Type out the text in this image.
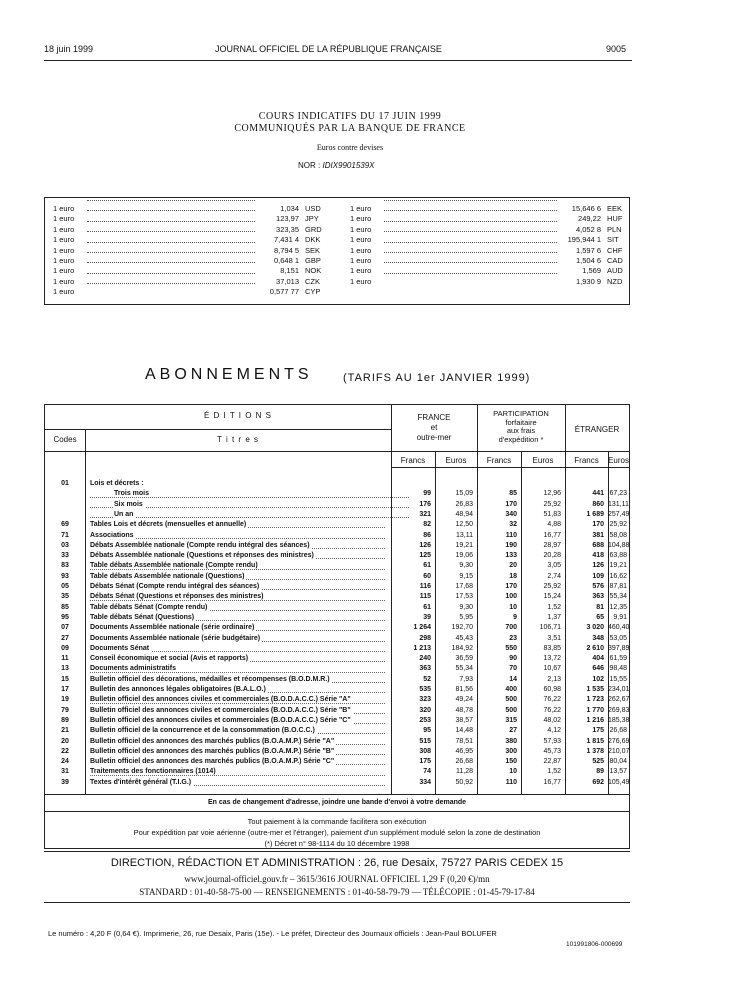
18 juin 1999	JOURNAL OFFICIEL DE LA RÉPUBLIQUE FRANÇAISE	9005
COURS INDICATIFS DU 17 JUIN 1999
COMMUNIQUÉS PAR LA BANQUE DE FRANCE
Euros contre devises
NOR : IDIX9901539X
1 euro	1,034 USD
1 euro	123,97 JPY
1 euro	323,35 GRD
1 euro	7,431 4 DKK
1 euro	8,794 5 SEK
1 euro	0,648 1 GBP
1 euro	8,151 NOK
1 euro	37,013 CZK
1 euro	0,577 77 CYP
1 euro	15,646 6 EEK
1 euro	249,22 HUF
1 euro	4,052 8 PLN
1 euro	195,944 1 SIT
1 euro	1,597 6 CHF
1 euro	1,504 6 CAD
1 euro	1,569 AUD
1 euro	1,930 9 NZD
ABONNEMENTS	(TARIFS AU 1er JANVIER 1999)
É D I T I O N S
Codes	T i t r e s
FRANCE
et
outre-mer
PARTICIPATION
forfaitaire
aux frais
d'expédition *
ÉTRANGER
Francs	Euros	Francs	Euros	Francs	Euros
01	Lois et décrets :
Trois mois	99	15,09	85	12,96	441 67,23
Six mois	176	26,83	170	25,92	860 131,11
Un an	321	48,94	340	51,83	1 689 257,49
69	Tables Lois et décrets (mensuelles et annuelle)	82	12,50	32	4,88	170 25,92
71	Associations	86	13,11	110	16,77	381 58,08
03	Débats Assemblée nationale (Compte rendu intégral des séances)	126	19,21	190	28,97	688 104,88
33	Débats Assemblée nationale (Questions et réponses des ministres)	125	19,06	133	20,28	418 63,88
83	Table débats Assemblée nationale (Compte rendu)	61	9,30	20	3,05	126 19,21
93	Table débats Assemblée nationale (Questions)	60	9,15	18	2,74	109 16,62
05	Débats Sénat (Compte rendu intégral des séances)	116	17,68	170	25,92	576 87,81
35	Débats Sénat (Questions et réponses des ministres)	115	17,53	100	15,24	363 55,34
85	Table débats Sénat (Compte rendu)	61	9,30	10	1,52	81 12,35
95	Table débats Sénat (Questions)	39	5,95	9	1,37	65	9,91
07	Documents Assemblée nationale (série ordinaire)	1 264	192,70	700	106,71	3 020 460,40
27	Documents Assemblée nationale (série budgétaire)	298	45,43	23	3,51	348 53,05
09	Documents Sénat	1 213	184,92	550	83,85	2 610 397,89
11	Conseil économique et social (Avis et rapports)	240	36,59	90	13,72	404 61,59
13	Documents administratifs	363	55,34	70	10,67	646 98,48
15	Bulletin officiel des décorations, médailles et récompenses (B.O.D.M.R.)	52	7,93	14	2,13	102 15,55
17	Bulletin des annonces légales obligatoires (B.A.L.O.)	535	81,56	400	60,98	1 535 234,01
19	Bulletin officiel des annonces civiles et commerciales (B.O.D.A.C.C.) Série "A"	323	49,24	500	76,22	1 723 262,67
79	Bulletin officiel des annonces civiles et commerciales (B.O.D.A.C.C.) Série "B"	320	48,78	500	76,22	1 770 269,83
89	Bulletin officiel des annonces civiles et commerciales (B.O.D.A.C.C.) Série "C"	253	38,57	315	48,02	1 216 185,38
21	Bulletin officiel de la concurrence et de la consommation (B.O.C.C.)	95	14,48	27	4,12	175 26,68
20	Bulletin officiel des annonces des marchés publics (B.O.A.M.P.) Série "A"	515	78,51	380	57,93	1 815 276,69
22	Bulletin officiel des annonces des marchés publics (B.O.A.M.P.) Série "B"	308	46,95	300	45,73	1 378 210,07
24	Bulletin officiel des annonces des marchés publics (B.O.A.M.P.) Série "C"	175	26,68	150	22,87	525 80,04
31	Traitements des fonctionnaires (1014)	74	11,28	10	1,52	89 13,57
39	Textes d'intérêt général (T.I.G.)	334	50,92	110	16,77	692 105,49
En cas de changement d'adresse, joindre une bande d'envoi à votre demande
Tout paiement à la commande facilitera son exécution
Pour expédition par voie aérienne (outre-mer et l'étranger), paiement d'un supplément modulé selon la zone de destination
(*) Décret n° 98-1114 du 10 décembre 1998
DIRECTION, RÉDACTION ET ADMINISTRATION : 26, rue Desaix, 75727 PARIS CEDEX 15
www.journal-officiel.gouv.fr – 3615/3616 JOURNAL OFFICIEL 1,29 F (0,20 €)/mn
STANDARD : 01-40-58-75-00 — RENSEIGNEMENTS : 01-40-58-79-79 — TÉLÉCOPIE : 01-45-79-17-84
Le numéro : 4,20 F (0,64 €). Imprimerie, 26, rue Desaix, Paris (15e). - Le préfet, Directeur des Journaux officiels : Jean-Paul BOLUFER
101991806-000699
